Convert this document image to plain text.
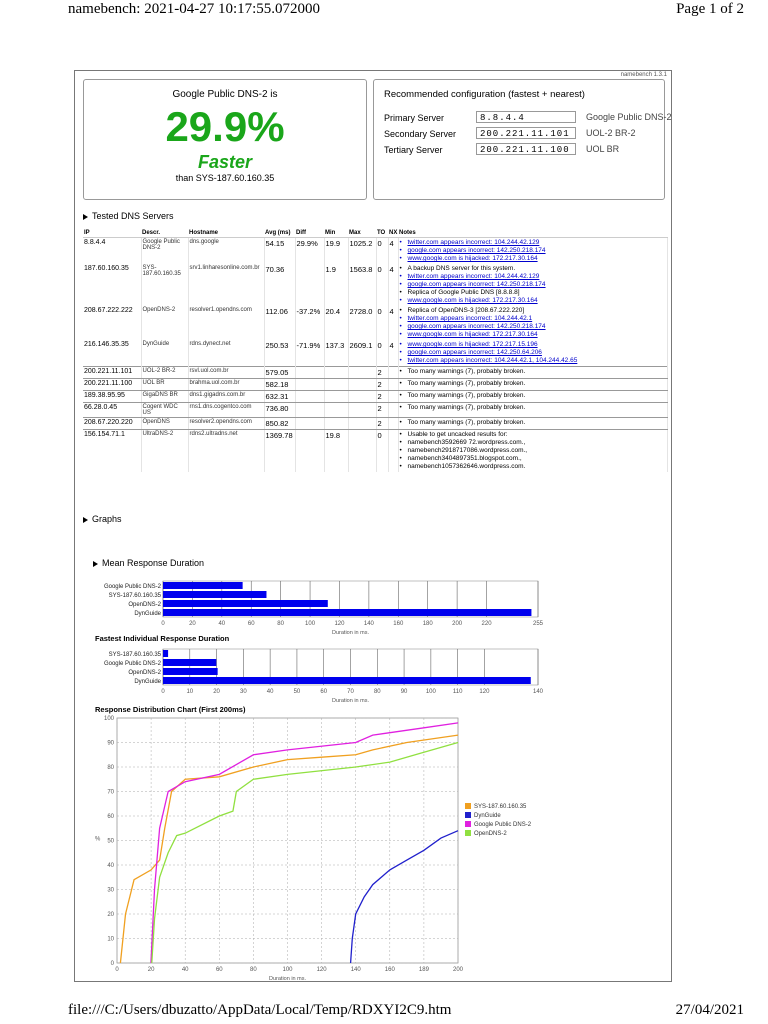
namebench: 2021-04-27 10:17:55.072000	Page 1 of 2
namebench 1.3.1
Google Public DNS-2 is
29.9%
Faster
than SYS-187.60.160.35
Recommended configuration (fastest + nearest)
Primary Server	8.8.4.4	Google Public DNS-2
Secondary Server	200.221.11.101	UOL-2 BR-2
Tertiary Server	200.221.11.100	UOL BR
Tested DNS Servers
IP	Descr.	Hostname	Avg (ms)	Diff	Min	Max	TO	NX	Notes
8.8.4.4	Google Public DNS-2	dns.google	54.15	29.9%	19.9	1025.2	0	4	• twitter.com appears incorrect: 104.244.42.129
• google.com appears incorrect: 142.250.218.174
• www.google.com is hijacked: 172.217.30.164

187.60.160.35	SYS-187.60.160.35	srv1.linharesonline.com.br	70.36		1.9	1563.8	0	4	• A backup DNS server for this system.
• twitter.com appears incorrect: 104.244.42.129
• google.com appears incorrect: 142.250.218.174
• Replica of Google Public DNS [8.8.8.8]
• www.google.com is hijacked: 172.217.30.164

208.67.222.222	OpenDNS-2	resolver1.opendns.com	112.06	-37.2%	20.4	2728.0	0	4	• Replica of OpenDNS-3 [208.67.222.220]
• twitter.com appears incorrect: 104.244.42.1
• google.com appears incorrect: 142.250.218.174
• www.google.com is hijacked: 172.217.30.164

216.146.35.35	DynGuide	rdns.dynect.net	250.53	-71.9%	137.3	2609.1	0	4	• www.google.com is hijacked: 172.217.15.196
• google.com appears incorrect: 142.250.64.206
• twitter.com appears incorrect: 104.244.42.1, 104.244.42.65

200.221.11.101	UOL-2 BR-2	rsvl.uol.com.br	579.05				2		• Too many warnings (7), probably broken.

200.221.11.100	UOL BR	brahma.uol.com.br	582.18				2		• Too many warnings (7), probably broken.

189.38.95.95	GigaDNS BR	dns1.gigadns.com.br	632.31				2		• Too many warnings (7), probably broken.

66.28.0.45	Cogent WDC US	rns1.dns.cogentco.com	736.80				2		• Too many warnings (7), probably broken.

208.67.220.220	OpenDNS	resolver2.opendns.com	850.82				2		• Too many warnings (7), probably broken.

156.154.71.1	UltraDNS-2	rdns2.ultradns.net	1369.78		19.8		0		• Usable to get uncacked results for:
• namebench3592669 72.wordpress.com.,
• namebench2918717086.wordpress.com.,
• namebench3404897351.blogspot.com.,
• namebench1057362646.wordpress.com.
Graphs
Mean Response Duration
0	20	40	60	80	100	120	140	160	180	200	220	255
Google Public DNS-2
SYS-187.60.160.35
OpenDNS-2
DynGuide
Duration in ms.
Fastest Individual Response Duration
0	10	20	30	40	50	60	70	80	90	100	110	120	140
SYS-187.60.160.35
Google Public DNS-2
OpenDNS-2
DynGuide
Duration in ms.
Response Distribution Chart (First 200ms)
0
10
20
30
40
50
60
70
80
90
100
0	20	40	60	80	100	120	140	160	189	200
%
Duration in ms.
SYS-187.60.160.35
DynGuide
Google Public DNS-2
OpenDNS-2
file:///C:/Users/dbuzatto/AppData/Local/Temp/RDXYI2C9.htm	27/04/2021
